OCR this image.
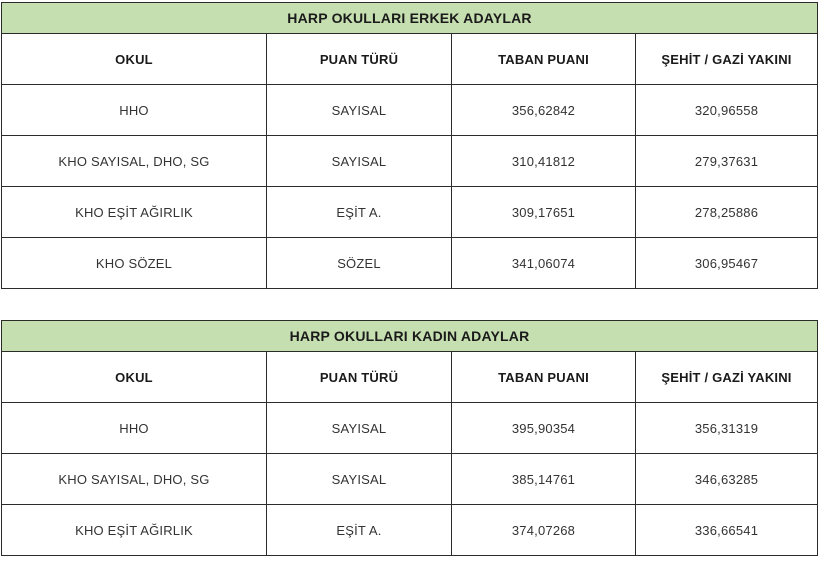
HARP OKULLARI ERKEK ADAYLAR			
OKUL	PUAN TÜRÜ	TABAN PUANI	ŞEHİT / GAZİ YAKINI
HHO	SAYISAL	356,62842	320,96558
KHO SAYISAL, DHO, SG	SAYISAL	310,41812	279,37631
KHO EŞİT AĞIRLIK	EŞİT A.	309,17651	278,25886
KHO SÖZEL	SÖZEL	341,06074	306,95467
HARP OKULLARI KADIN ADAYLAR			
OKUL	PUAN TÜRÜ	TABAN PUANI	ŞEHİT / GAZİ YAKINI
HHO	SAYISAL	395,90354	356,31319
KHO SAYISAL, DHO, SG	SAYISAL	385,14761	346,63285
KHO EŞİT AĞIRLIK	EŞİT A.	374,07268	336,66541
